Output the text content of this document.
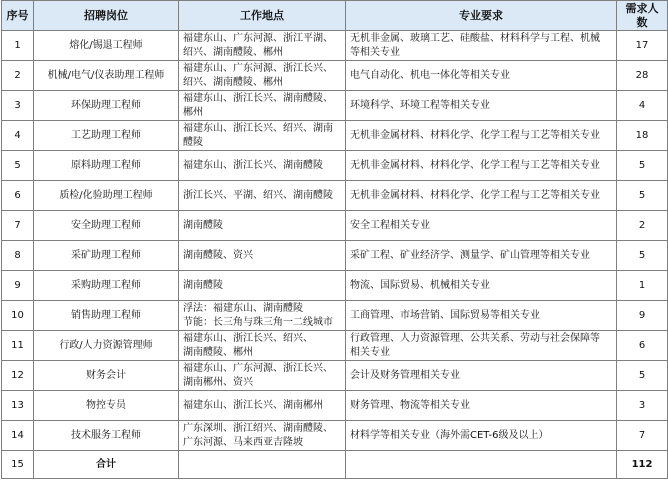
序号	招聘岗位	工作地点	专业要求	需求人数
1	熔化/锡退工程师	福建东山、广东河源、浙江平湖、
绍兴、湖南醴陵、郴州	无机非金属、玻璃工艺、硅酸盐、材料科学与工程、机械
等相关专业	17
2	机械/电气/仪表助理工程师	福建东山、广东河源、浙江长兴、
绍兴、湖南醴陵、郴州	电气自动化、机电一体化等相关专业	28
3	环保助理工程师	福建东山、浙江长兴、湖南醴陵、
郴州	环境科学、环境工程等相关专业	4
4	工艺助理工程师	福建东山、浙江长兴、绍兴、湖南
醴陵	无机非金属材料、材料化学、化学工程与工艺等相关专业	18
5	原料助理工程师	福建东山、浙江长兴、湖南醴陵	无机非金属材料、材料化学、化学工程与工艺等相关专业	5
6	质检/化验助理工程师	浙江长兴、平湖、绍兴、湖南醴陵	无机非金属材料、材料化学、化学工程与工艺等相关专业	5
7	安全助理工程师	湖南醴陵	安全工程相关专业	2
8	采矿助理工程师	湖南醴陵、资兴	采矿工程、矿业经济学、测量学、矿山管理等相关专业	5
9	采购助理工程师	湖南醴陵	物流、国际贸易、机械相关专业	1
10	销售助理工程师	浮法：福建东山、湖南醴陵
节能：长三角与珠三角一二线城市	工商管理、市场营销、国际贸易等相关专业	9
11	行政/人力资源管理师	福建东山、浙江长兴、绍兴、
湖南醴陵、郴州	行政管理、人力资源管理、公共关系、劳动与社会保障等
相关专业	6
12	财务会计	福建东山、广东河源、浙江长兴、
湖南郴州、资兴	会计及财务管理相关专业	5
13	物控专员	福建东山、浙江长兴、湖南郴州	财务管理、物流等相关专业	3
14	技术服务工程师	广东深圳、浙江绍兴、湖南醴陵、
广东河源、马来西亚吉隆坡	材料学等相关专业（海外需CET-6级及以上）	7
15	合计			112
